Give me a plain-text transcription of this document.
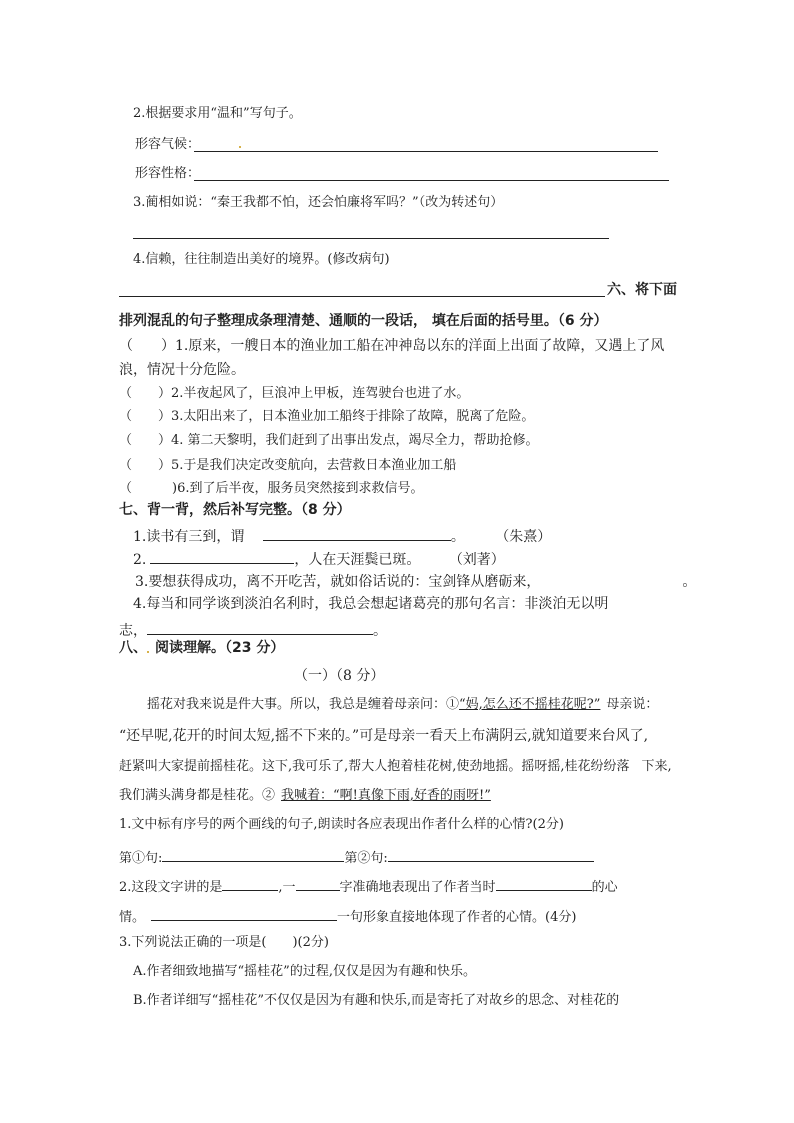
2.根据要求用“温和”写句子。
形容气候：
形容性格：
3.蔺相如说：“秦王我都不怕，还会怕廉将军吗？”（改为转述句）
4.信赖，往往制造出美好的境界。(修改病句)
六、将下面
排列混乱的句子整理成条理清楚、通顺的一段话， 填在后面的括号里。（6 分）
（　　）1.原来，一艘日本的渔业加工船在冲神岛以东的洋面上出面了故障，又遇上了风
浪，情况十分危险。
（　　）2.半夜起风了，巨浪冲上甲板，连驾驶台也进了水。
（　　）3.太阳出来了，日本渔业加工船终于排除了故障，脱离了危险。
（　　）4. 第二天黎明，我们赶到了出事出发点，竭尽全力，帮助抢修。
（　　）5.于是我们决定改变航向，去营救日本渔业加工船
（	)6.到了后半夜，服务员突然接到求救信号。
七、背一背，然后补写完整。（8 分）
1.读书有三到，谓	。 （朱熹）
2.	，人在天涯鬓已斑。 （刘著）
3.要想获得成功，离不开吃苦，就如俗话说的：宝剑锋从磨砺来，	。
4.每当和同学谈到淡泊名利时，我总会想起诸葛亮的那句名言：非淡泊无以明
志，	。
八、 阅读理解。（23 分）
（一）（8 分）
摇花对我来说是件大事。所以，我总是缠着母亲问：①“妈,怎么还不摇桂花呢?” 母亲说：
“还早呢,花开的时间太短,摇不下来的。”可是母亲一看天上布满阴云,就知道要来台风了,
赶紧叫大家提前摇桂花。这下,我可乐了,帮大人抱着桂花树,使劲地摇。摇呀摇,桂花纷纷落 下来,
我们满头满身都是桂花。② 我喊着：“啊!真像下雨,好香的雨呀!”
1.文中标有序号的两个画线的句子,朗读时各应表现出作者什么样的心情?(2分)
第①句:	第②句:
2.这段文字讲的是	,一	字准确地表现出了作者当时	的心
情。	一句形象直接地体现了作者的心情。(4分)
3.下列说法正确的一项是(　　)(2分)
A.作者细致地描写“摇桂花”的过程,仅仅是因为有趣和快乐。
B.作者详细写“摇桂花”不仅仅是因为有趣和快乐,而是寄托了对故乡的思念、对桂花的
